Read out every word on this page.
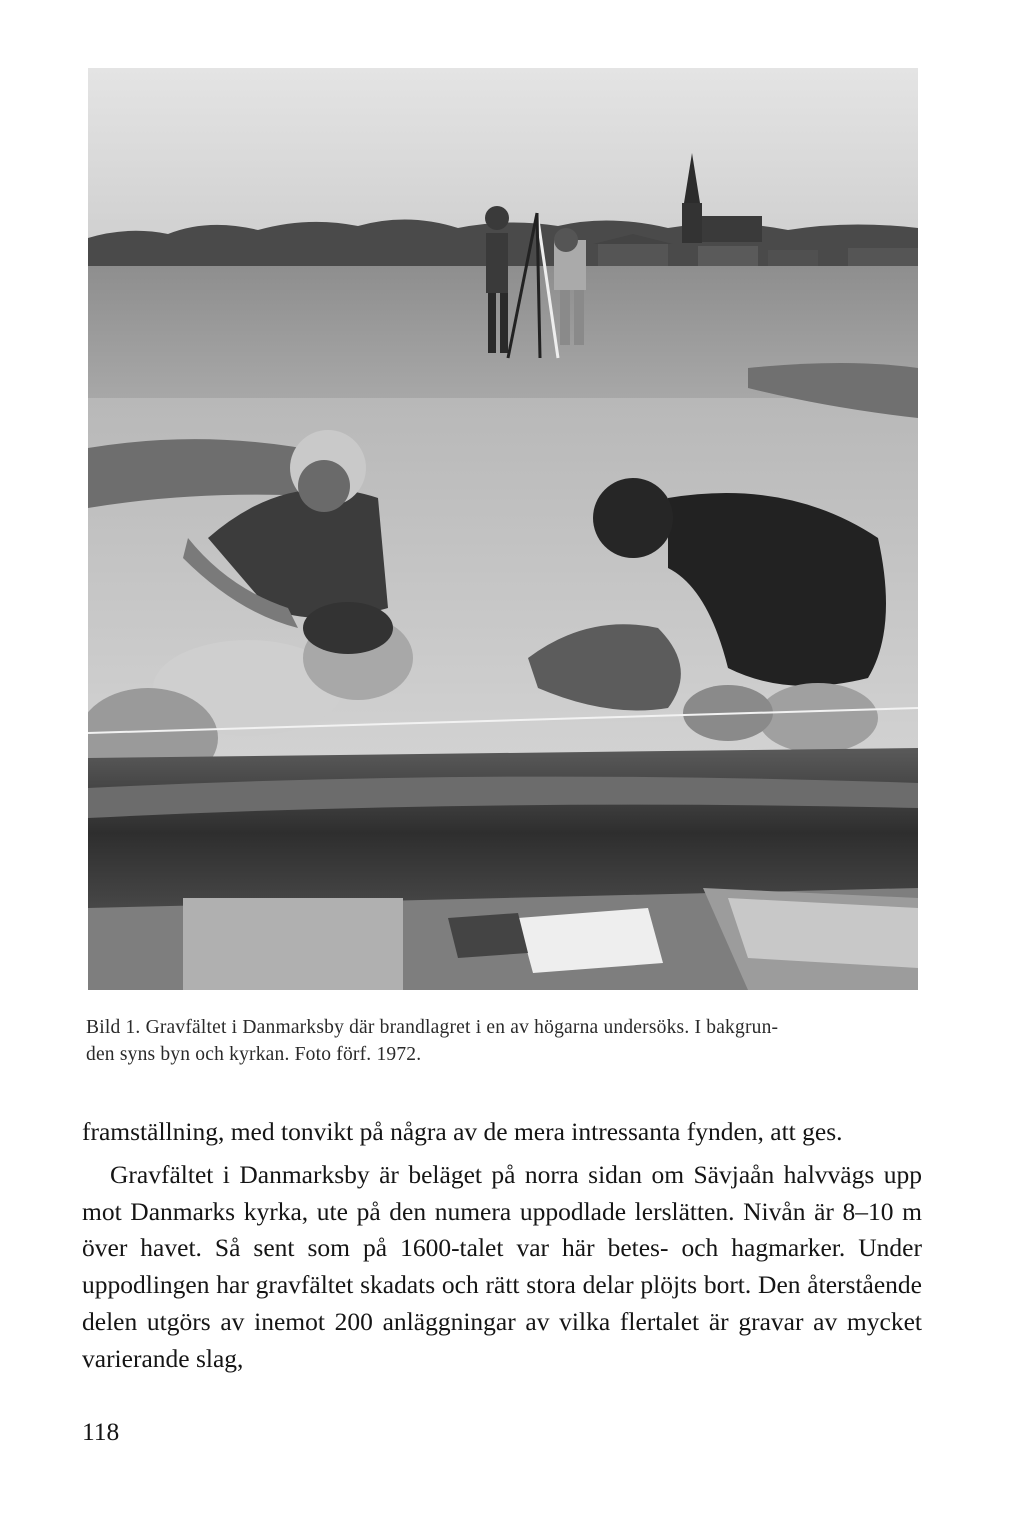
Bild 1. Gravfältet i Danmarksby där brandlagret i en av högarna undersöks. I bakgrun-

den syns byn och kyrkan. Foto förf. 1972.

framställning, med tonvikt på några av de mera intressanta fynden, att ges.

Gravfältet i Danmarksby är beläget på norra sidan om Sävjaån halvvägs upp mot Danmarks kyrka, ute på den numera uppodlade lerslätten. Nivån är 8–10 m över havet. Så sent som på 1600-talet var här betes- och hagmarker. Under uppodlingen har gravfältet skadats och rätt stora delar plöjts bort. Den återstående delen utgörs av inemot 200 anläggningar av vilka flertalet är gravar av mycket varierande slag,

118
